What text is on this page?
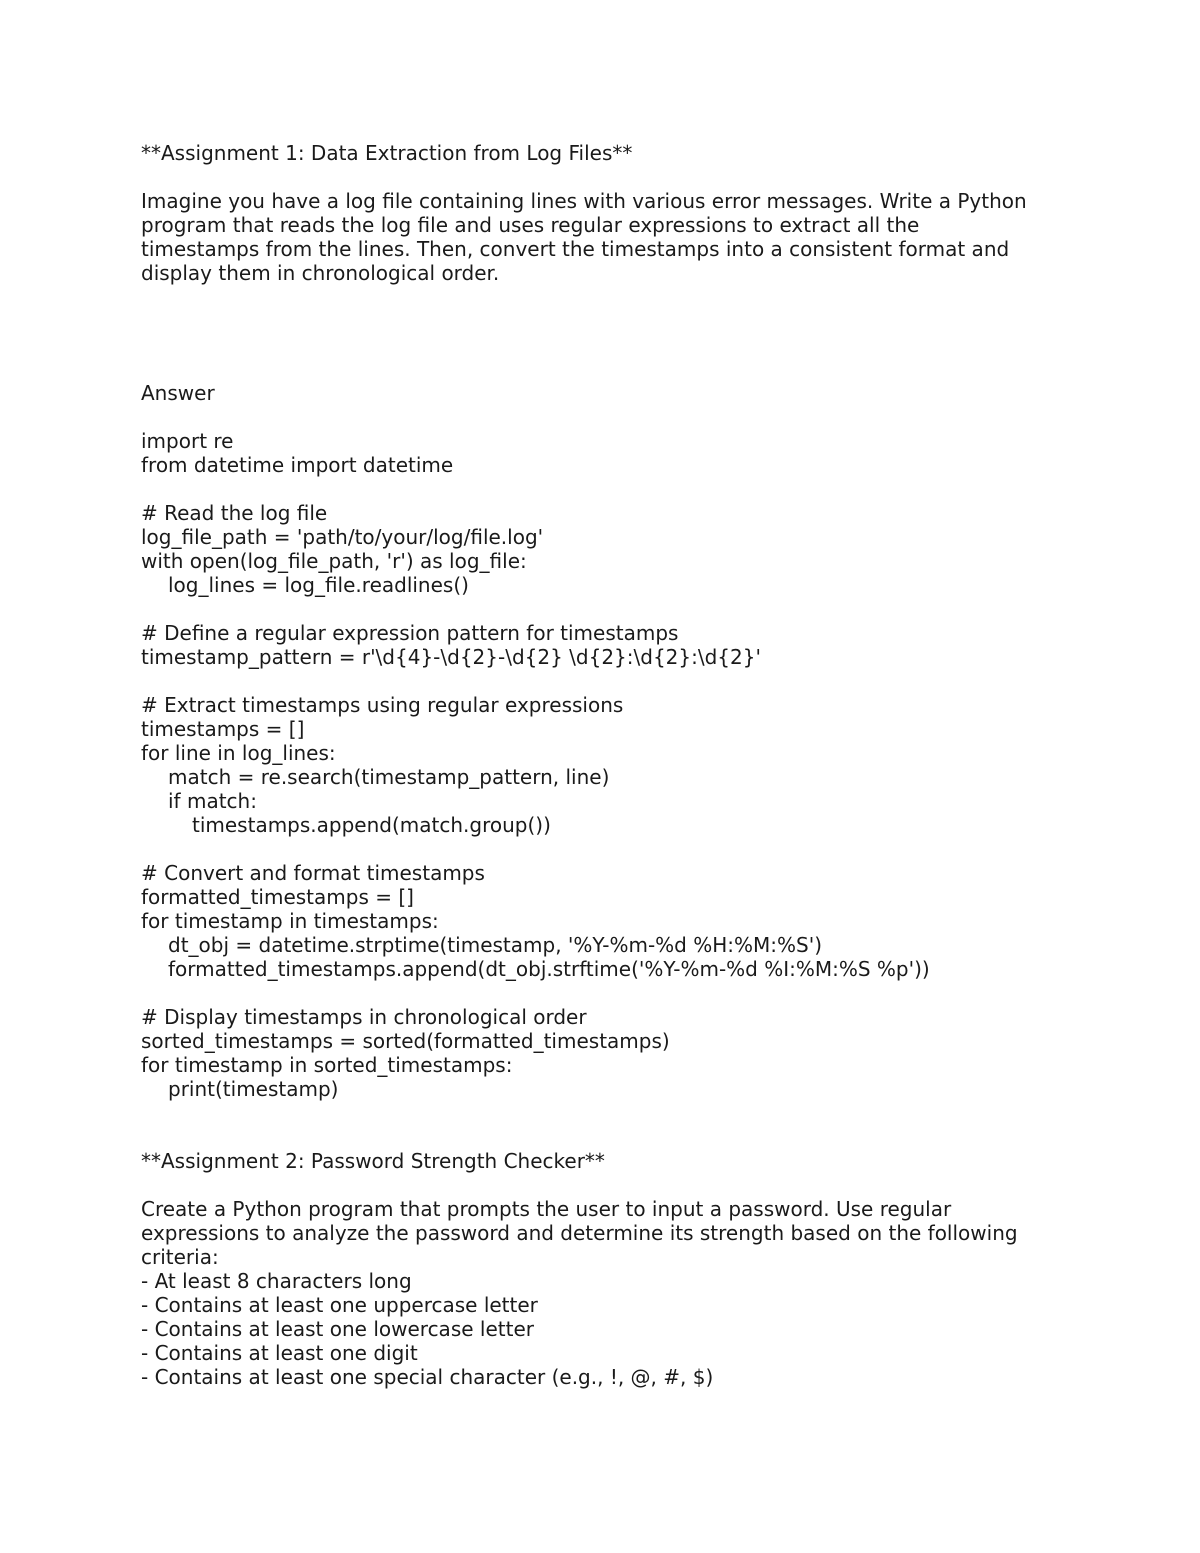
**Assignment 1: Data Extraction from Log Files**
Imagine you have a log file containing lines with various error messages. Write a Python
program that reads the log file and uses regular expressions to extract all the
timestamps from the lines. Then, convert the timestamps into a consistent format and
display them in chronological order.
Answer
import re
from datetime import datetime
# Read the log file
log_file_path = 'path/to/your/log/file.log'
with open(log_file_path, 'r') as log_file:
log_lines = log_file.readlines()
# Define a regular expression pattern for timestamps
timestamp_pattern = r'\d{4}-\d{2}-\d{2} \d{2}:\d{2}:\d{2}'
# Extract timestamps using regular expressions
timestamps = []
for line in log_lines:
match = re.search(timestamp_pattern, line)
if match:
timestamps.append(match.group())
# Convert and format timestamps
formatted_timestamps = []
for timestamp in timestamps:
dt_obj = datetime.strptime(timestamp, '%Y-%m-%d %H:%M:%S')
formatted_timestamps.append(dt_obj.strftime('%Y-%m-%d %I:%M:%S %p'))
# Display timestamps in chronological order
sorted_timestamps = sorted(formatted_timestamps)
for timestamp in sorted_timestamps:
print(timestamp)
**Assignment 2: Password Strength Checker**
Create a Python program that prompts the user to input a password. Use regular
expressions to analyze the password and determine its strength based on the following
criteria:
- At least 8 characters long
- Contains at least one uppercase letter
- Contains at least one lowercase letter
- Contains at least one digit
- Contains at least one special character (e.g., !, @, #, $)
